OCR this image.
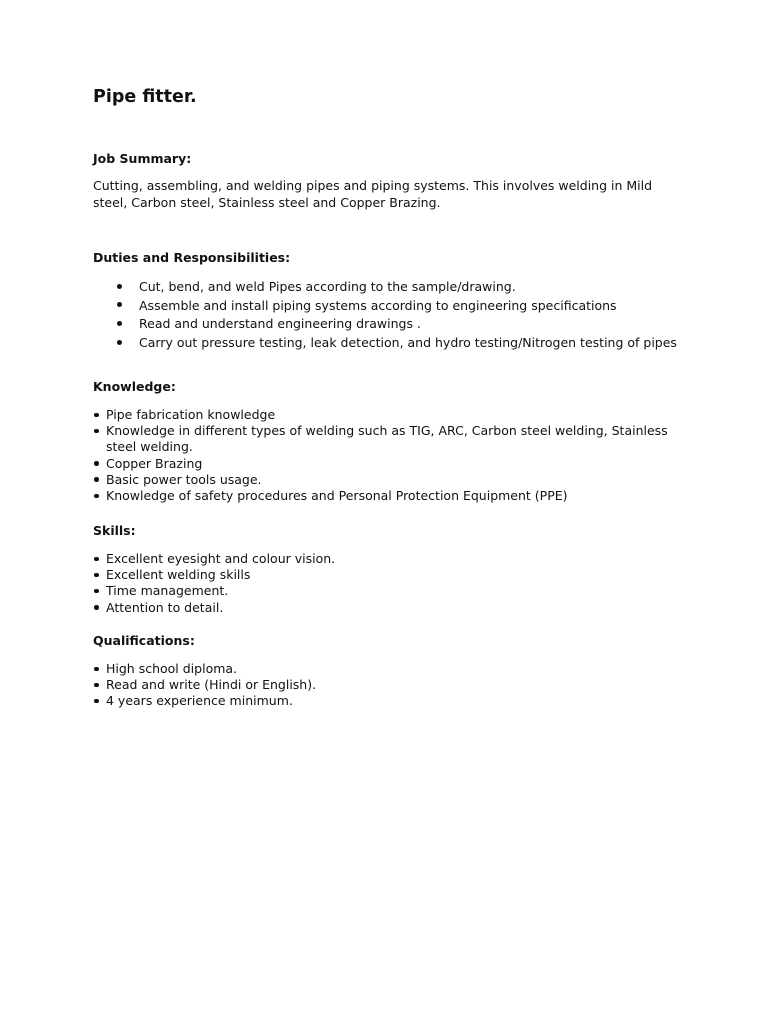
Pipe fitter.
Job Summary:

Cutting, assembling, and welding pipes and piping systems. This involves welding in Mild steel, Carbon steel, Stainless steel and Copper Brazing.

Duties and Responsibilities:
Cut, bend, and weld Pipes according to the sample/drawing.
Assemble and install piping systems according to engineering specifications
Read and understand engineering drawings .
Carry out pressure testing, leak detection, and hydro testing/Nitrogen testing of pipes
Knowledge:
Pipe fabrication knowledge
Knowledge in different types of welding such as TIG, ARC, Carbon steel welding, Stainless steel welding.
Copper Brazing
Basic power tools usage.
Knowledge of safety procedures and Personal Protection Equipment (PPE)
Skills:
Excellent eyesight and colour vision.
Excellent welding skills
Time management.
Attention to detail.
Qualifications:
High school diploma.
Read and write (Hindi or English).
4 years experience minimum.
